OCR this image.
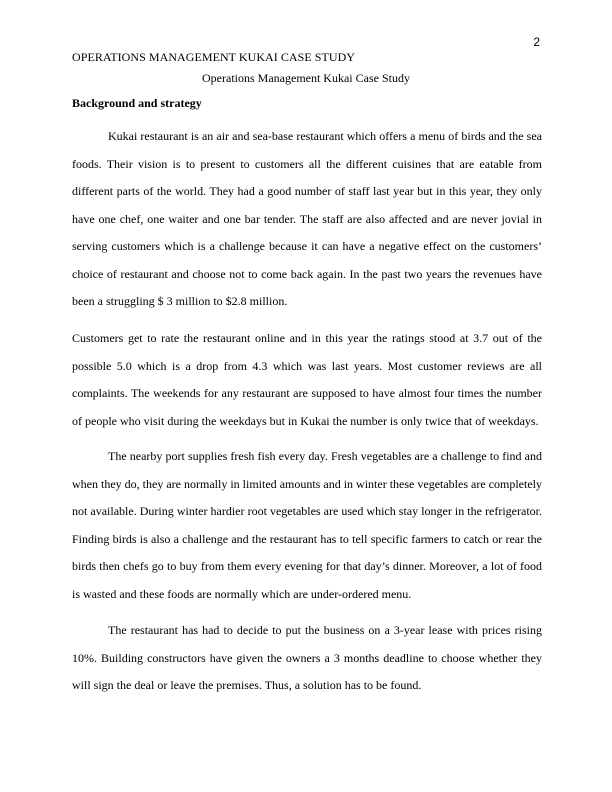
2
OPERATIONS MANAGEMENT KUKAI CASE STUDY
Operations Management Kukai Case Study
Background and strategy

Kukai restaurant is an air and sea-base restaurant which offers a menu of birds and the sea foods. Their vision is to present to customers all the different cuisines that are eatable from different parts of the world. They had a good number of staff last year but in this year, they only have one chef, one waiter and one bar tender. The staff are also affected and are never jovial in serving customers which is a challenge because it can have a negative effect on the customers’ choice of restaurant and choose not to come back again. In the past two years the revenues have been a struggling $ 3 million to $2.8 million.

Customers get to rate the restaurant online and in this year the ratings stood at 3.7 out of the possible 5.0 which is a drop from 4.3 which was last years. Most customer reviews are all complaints. The weekends for any restaurant are supposed to have almost four times the number of people who visit during the weekdays but in Kukai the number is only twice that of weekdays.

The nearby port supplies fresh fish every day. Fresh vegetables are a challenge to find and when they do, they are normally in limited amounts and in winter these vegetables are completely not available. During winter hardier root vegetables are used which stay longer in the refrigerator. Finding birds is also a challenge and the restaurant has to tell specific farmers to catch or rear the birds then chefs go to buy from them every evening for that day’s dinner. Moreover, a lot of food is wasted and these foods are normally which are under-ordered menu.

The restaurant has had to decide to put the business on a 3-year lease with prices rising 10%. Building constructors have given the owners a 3 months deadline to choose whether they will sign the deal or leave the premises. Thus, a solution has to be found.
